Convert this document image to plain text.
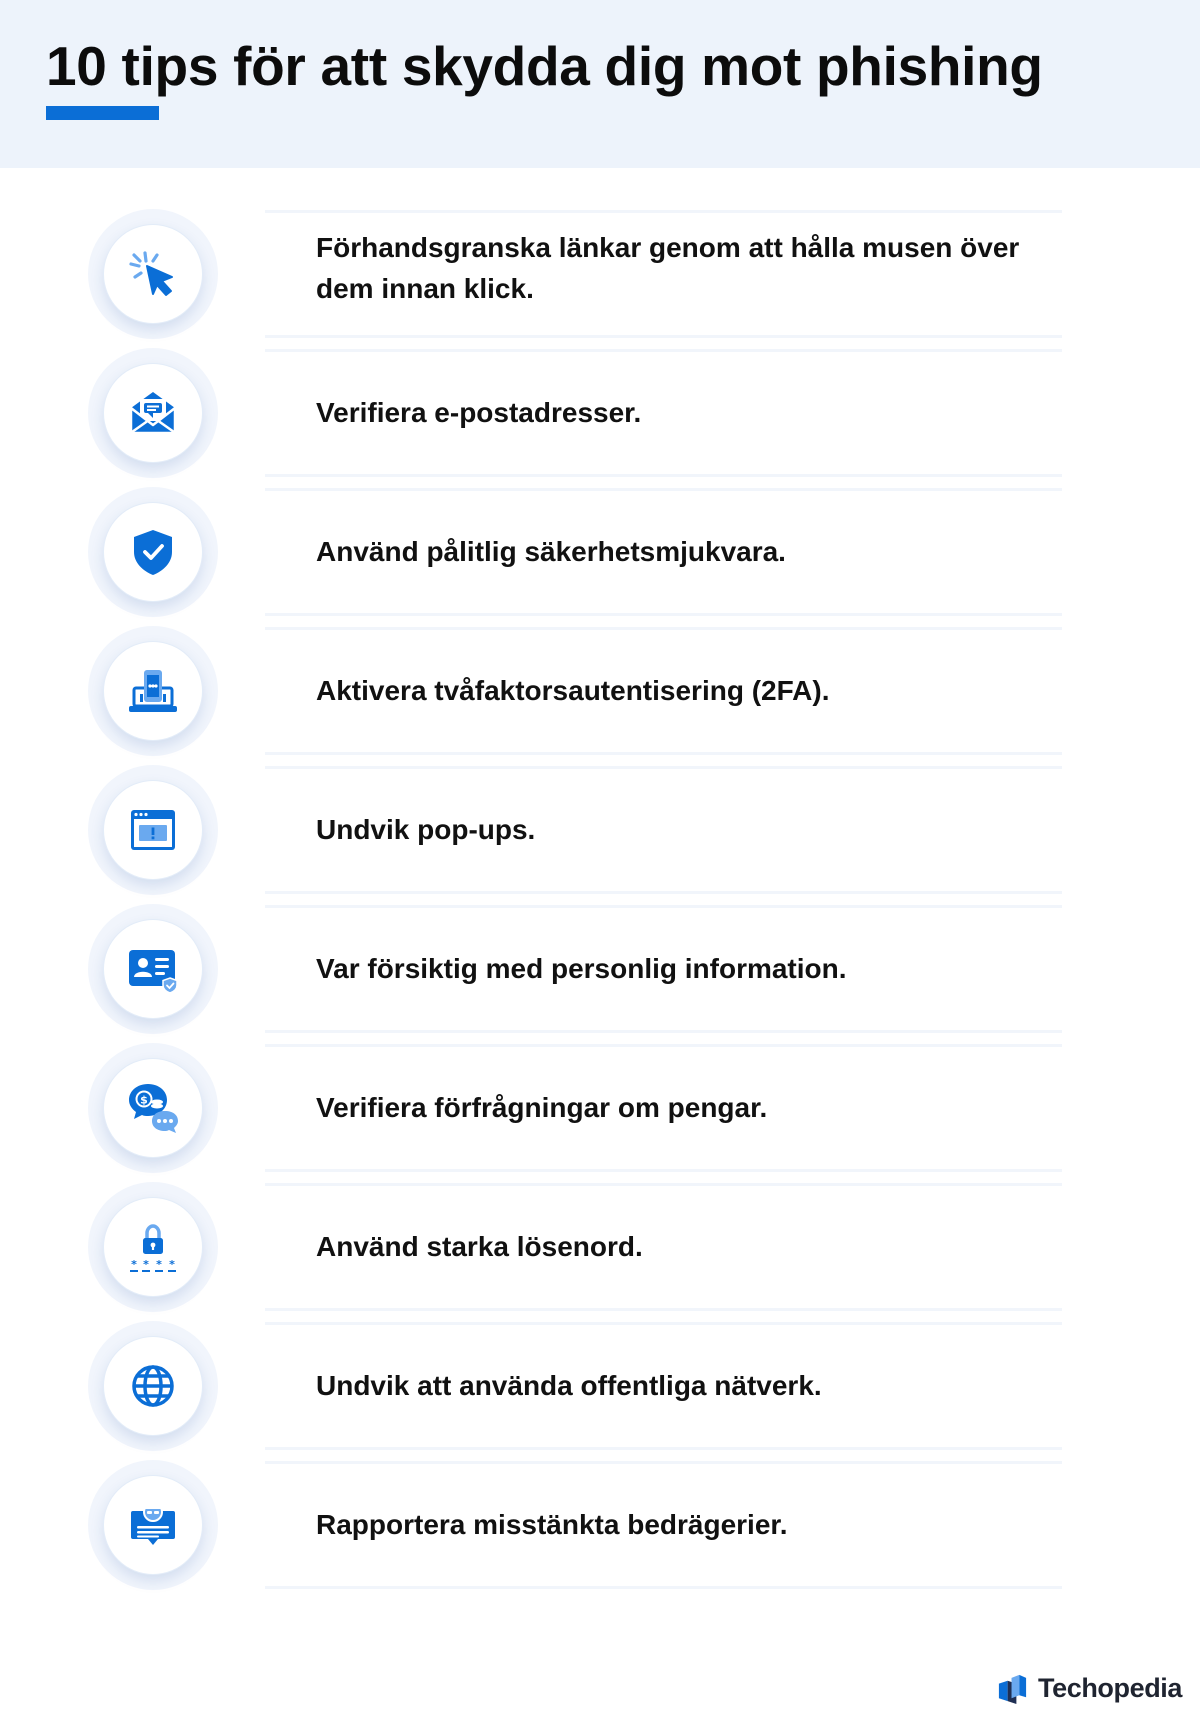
10 tips för att skydda dig mot phishing

Förhandsgranska länkar genom att hålla musen över dem innan klick.

Verifiera e-postadresser.

Använd pålitlig säkerhetsmjukvara.

Aktivera tvåfaktorsautentisering (2FA).

Undvik pop-ups.

Var försiktig med personlig information.

$	Verifiera förfrågningar om pengar.

* * * *

Använd starka lösenord.

Undvik att använda offentliga nätverk.

Rapportera misstänkta bedrägerier.

Techopedia
